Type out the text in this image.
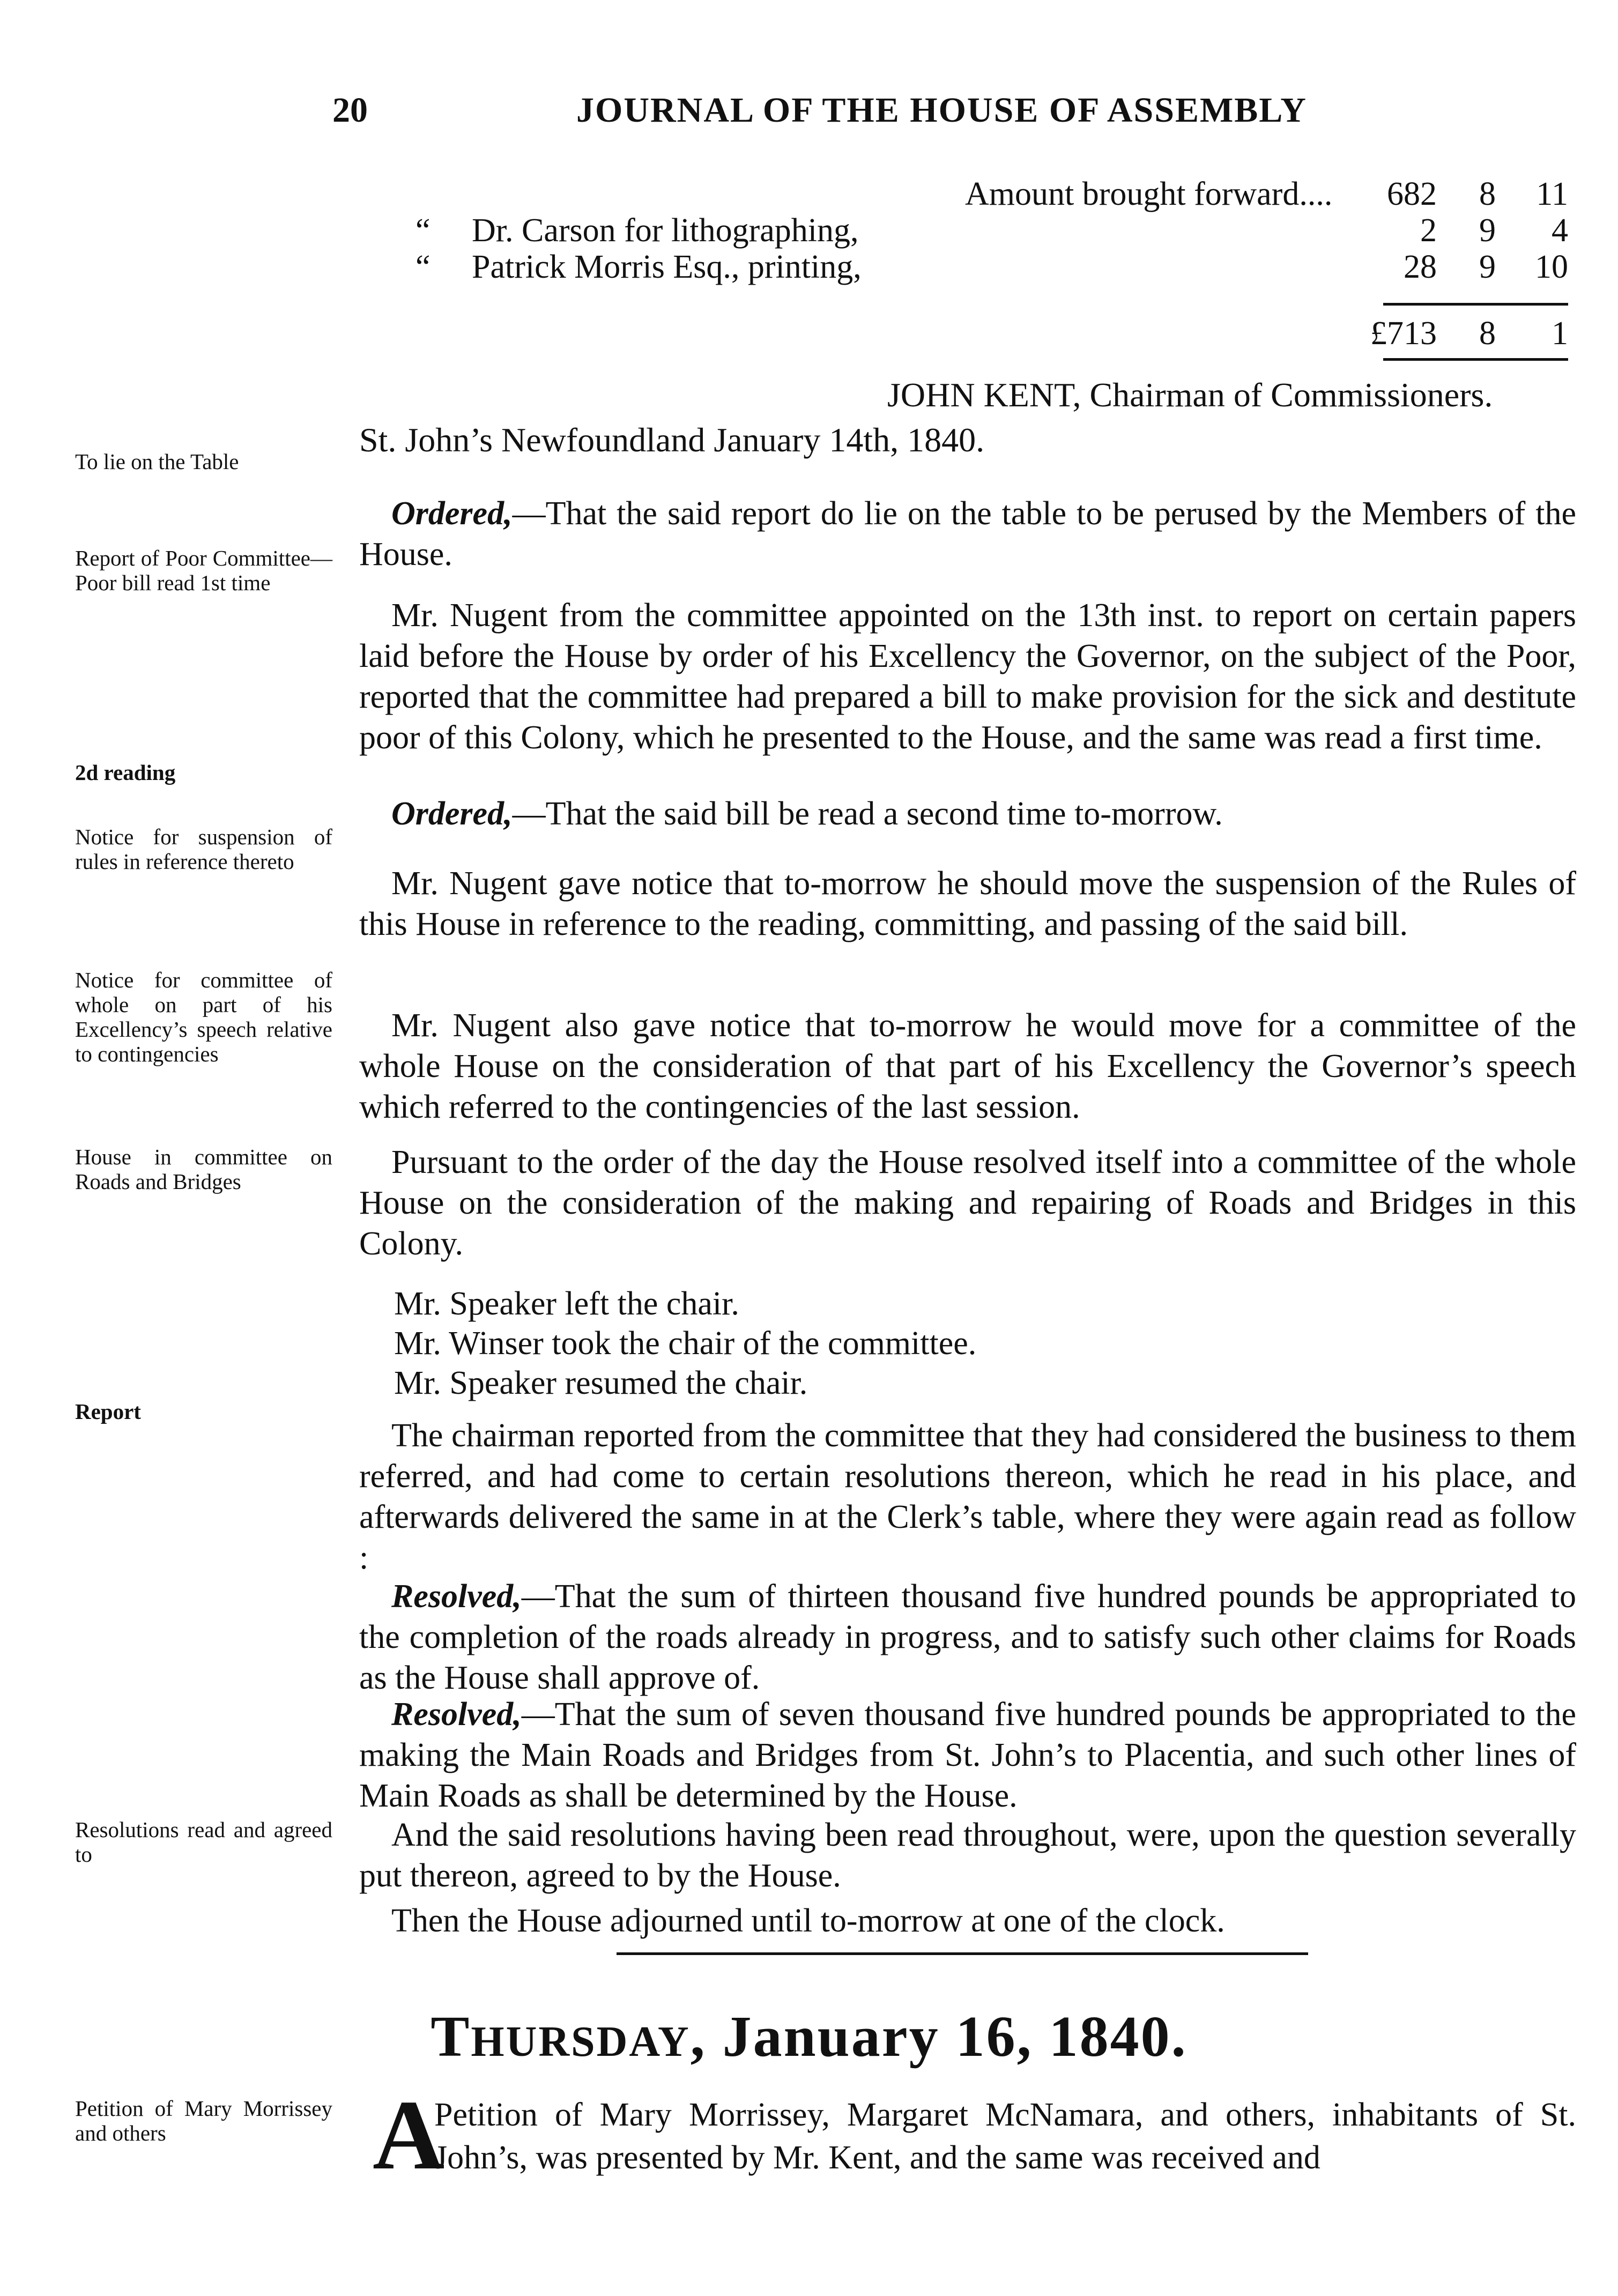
20	JOURNAL OF THE HOUSE OF ASSEMBLY
Amount brought forward....	682	8	11
“ Dr. Carson for lithographing,	2	9	4
“ Patrick Morris Esq., printing,	28	9	10
£713	8	1
JOHN KENT, Chairman of Commissioners.
St. John’s Newfoundland January 14th, 1840.
Ordered,—That the said report do lie on the table to be perused by the Members of the House.
Mr. Nugent from the committee appointed on the 13th inst. to report on certain papers laid before the House by order of his Excellency the Governor, on the subject of the Poor, reported that the committee had prepared a bill to make provision for the sick and destitute poor of this Colony, which he presented to the House, and the same was read a first time.
Ordered,—That the said bill be read a second time to-morrow.
Mr. Nugent gave notice that to-morrow he should move the suspension of the Rules of this House in reference to the reading, committing, and passing of the said bill.
Mr. Nugent also gave notice that to-morrow he would move for a committee of the whole House on the consideration of that part of his Excellency the Governor’s speech which referred to the contingencies of the last session.
Pursuant to the order of the day the House resolved itself into a committee of the whole House on the consideration of the making and repairing of Roads and Bridges in this Colony.
Mr. Speaker left the chair.
Mr. Winser took the chair of the committee.
Mr. Speaker resumed the chair.
The chairman reported from the committee that they had considered the business to them referred, and had come to certain resolutions thereon, which he read in his place, and afterwards delivered the same in at the Clerk’s table, where they were again read as follow :
Resolved,—That the sum of thirteen thousand five hundred pounds be appropriated to the completion of the roads already in progress, and to satisfy such other claims for Roads as the House shall approve of.
Resolved,—That the sum of seven thousand five hundred pounds be appropriated to the making the Main Roads and Bridges from St. John’s to Placentia, and such other lines of Main Roads as shall be determined by the House.
And the said resolutions having been read throughout, were, upon the question severally put thereon, agreed to by the House.
Then the House adjourned until to-morrow at one of the clock.
To lie on the Table
Report of Poor Committee—Poor bill read 1st time
2d reading
Notice for suspension of rules in reference thereto
Notice for committee of whole on part of his Excellency’s speech relative to contingencies
House in committee on Roads and Bridges
Report
Resolutions read and agreed to
Petition of Mary Morrissey and others
THURSDAY, January 16, 1840.
A
Petition of Mary Morrissey, Margaret McNamara, and others, inhabitants of St. John’s, was presented by Mr. Kent, and the same was received and
